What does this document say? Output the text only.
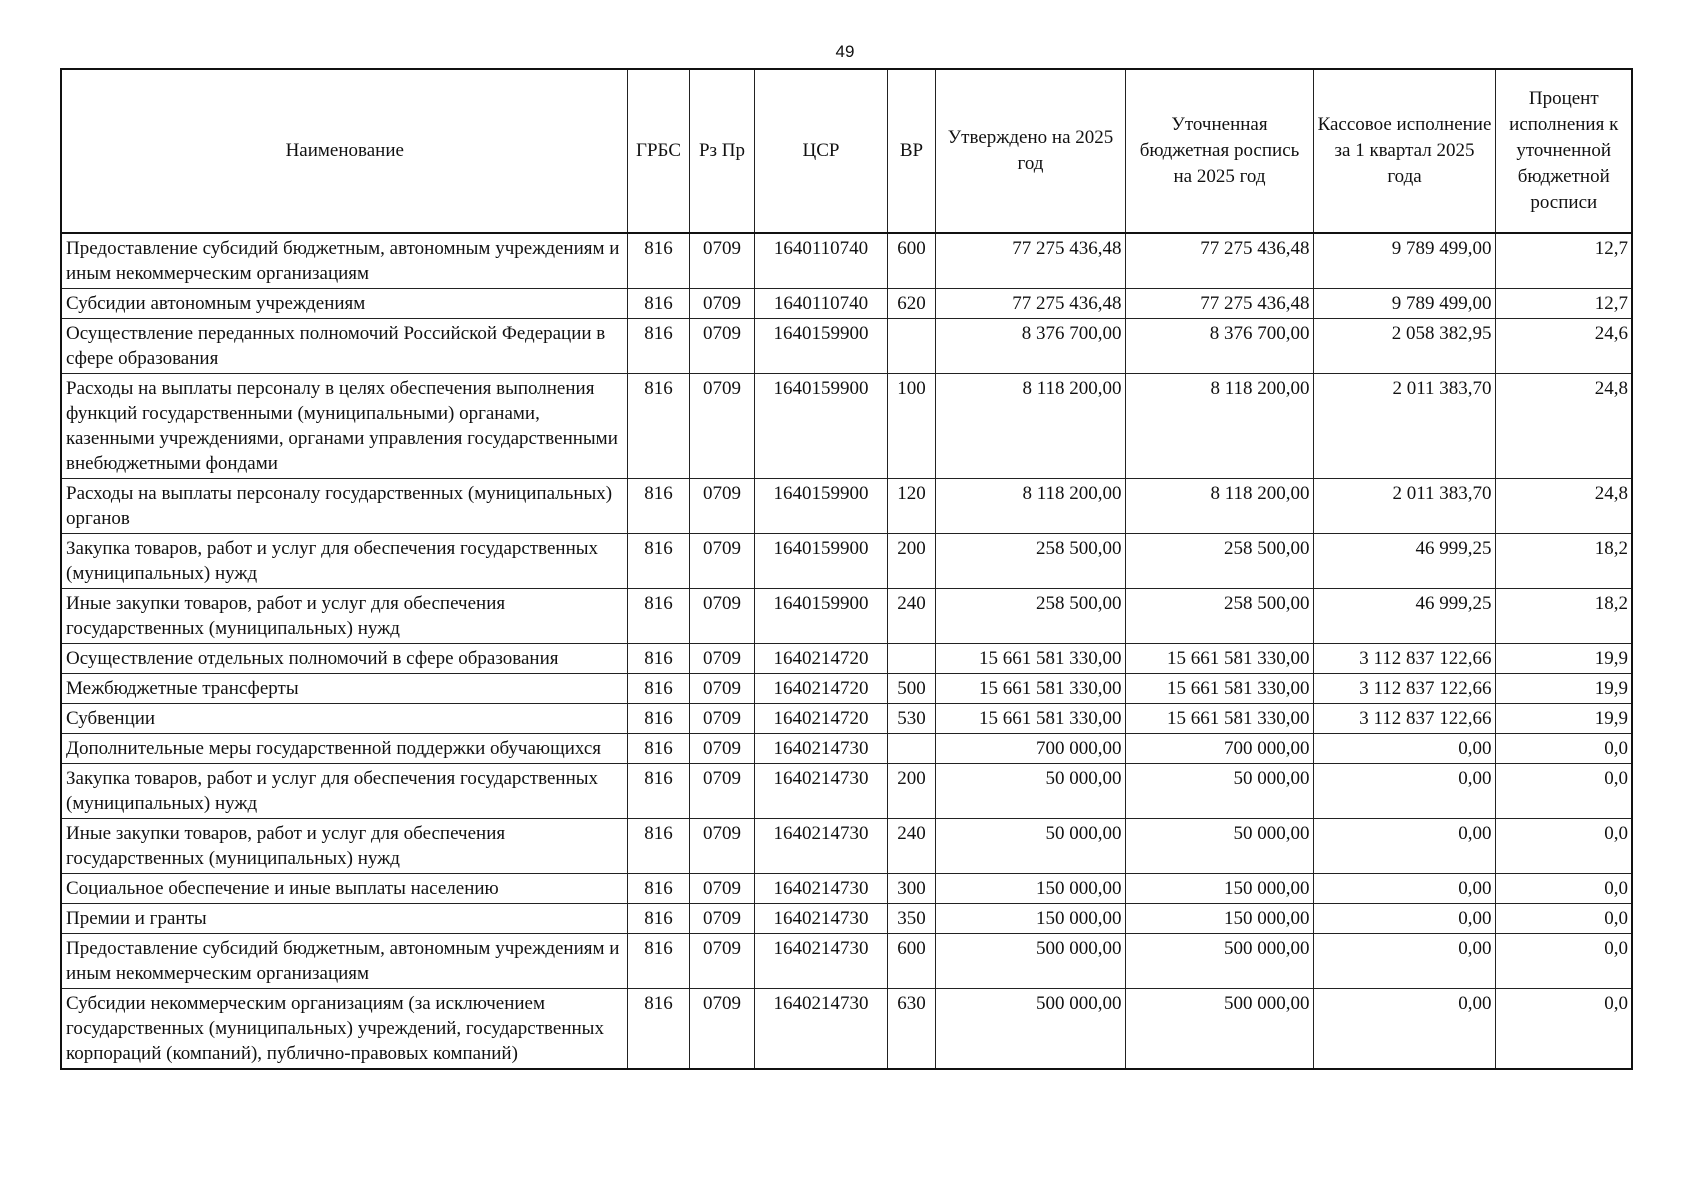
49
Наименование	ГРБС	Рз Пр	ЦСР	ВР	Утверждено на 2025 год	Уточненная бюджетная роспись на 2025 год	Кассовое исполнение за 1 квартал 2025 года	Процент исполнения к уточненной бюджетной росписи
Предоставление субсидий бюджетным, автономным учреждениям и иным некоммерческим организациям	816	0709	1640110740	600	77 275 436,48	77 275 436,48	9 789 499,00	12,7
Субсидии автономным учреждениям	816	0709	1640110740	620	77 275 436,48	77 275 436,48	9 789 499,00	12,7
Осуществление переданных полномочий Российской Федерации в сфере образования	816	0709	1640159900		8 376 700,00	8 376 700,00	2 058 382,95	24,6
Расходы на выплаты персоналу в целях обеспечения выполнения функций государственными (муниципальными) органами, казенными учреждениями, органами управления государственными внебюджетными фондами	816	0709	1640159900	100	8 118 200,00	8 118 200,00	2 011 383,70	24,8
Расходы на выплаты персоналу государственных (муниципальных) органов	816	0709	1640159900	120	8 118 200,00	8 118 200,00	2 011 383,70	24,8
Закупка товаров, работ и услуг для обеспечения государственных (муниципальных) нужд	816	0709	1640159900	200	258 500,00	258 500,00	46 999,25	18,2
Иные закупки товаров, работ и услуг для обеспечения государственных (муниципальных) нужд	816	0709	1640159900	240	258 500,00	258 500,00	46 999,25	18,2
Осуществление отдельных полномочий в сфере образования	816	0709	1640214720		15 661 581 330,00	15 661 581 330,00	3 112 837 122,66	19,9
Межбюджетные трансферты	816	0709	1640214720	500	15 661 581 330,00	15 661 581 330,00	3 112 837 122,66	19,9
Субвенции	816	0709	1640214720	530	15 661 581 330,00	15 661 581 330,00	3 112 837 122,66	19,9
Дополнительные меры государственной поддержки обучающихся	816	0709	1640214730		700 000,00	700 000,00	0,00	0,0
Закупка товаров, работ и услуг для обеспечения государственных (муниципальных) нужд	816	0709	1640214730	200	50 000,00	50 000,00	0,00	0,0
Иные закупки товаров, работ и услуг для обеспечения государственных (муниципальных) нужд	816	0709	1640214730	240	50 000,00	50 000,00	0,00	0,0
Социальное обеспечение и иные выплаты населению	816	0709	1640214730	300	150 000,00	150 000,00	0,00	0,0
Премии и гранты	816	0709	1640214730	350	150 000,00	150 000,00	0,00	0,0
Предоставление субсидий бюджетным, автономным учреждениям и иным некоммерческим организациям	816	0709	1640214730	600	500 000,00	500 000,00	0,00	0,0
Субсидии некоммерческим организациям (за исключением государственных (муниципальных) учреждений, государственных корпораций (компаний), публично-правовых компаний)	816	0709	1640214730	630	500 000,00	500 000,00	0,00	0,0
